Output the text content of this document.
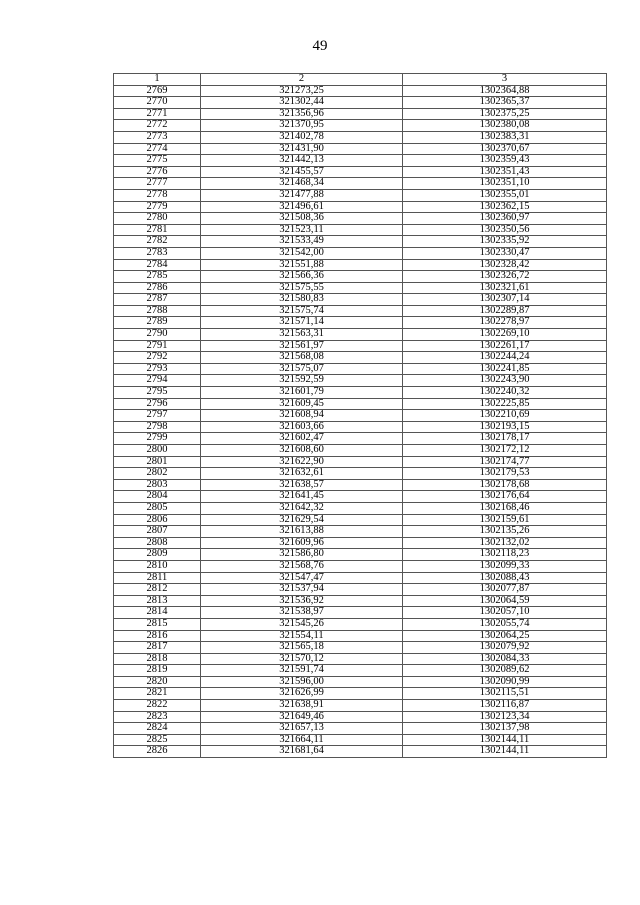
49
1	2	3
2769	321273,25	1302364,88
2770	321302,44	1302365,37
2771	321356,96	1302375,25
2772	321370,95	1302380,08
2773	321402,78	1302383,31
2774	321431,90	1302370,67
2775	321442,13	1302359,43
2776	321455,57	1302351,43
2777	321468,34	1302351,10
2778	321477,88	1302355,01
2779	321496,61	1302362,15
2780	321508,36	1302360,97
2781	321523,11	1302350,56
2782	321533,49	1302335,92
2783	321542,00	1302330,47
2784	321551,88	1302328,42
2785	321566,36	1302326,72
2786	321575,55	1302321,61
2787	321580,83	1302307,14
2788	321575,74	1302289,87
2789	321571,14	1302278,97
2790	321563,31	1302269,10
2791	321561,97	1302261,17
2792	321568,08	1302244,24
2793	321575,07	1302241,85
2794	321592,59	1302243,90
2795	321601,79	1302240,32
2796	321609,45	1302225,85
2797	321608,94	1302210,69
2798	321603,66	1302193,15
2799	321602,47	1302178,17
2800	321608,60	1302172,12
2801	321622,90	1302174,77
2802	321632,61	1302179,53
2803	321638,57	1302178,68
2804	321641,45	1302176,64
2805	321642,32	1302168,46
2806	321629,54	1302159,61
2807	321613,88	1302135,26
2808	321609,96	1302132,02
2809	321586,80	1302118,23
2810	321568,76	1302099,33
2811	321547,47	1302088,43
2812	321537,94	1302077,87
2813	321536,92	1302064,59
2814	321538,97	1302057,10
2815	321545,26	1302055,74
2816	321554,11	1302064,25
2817	321565,18	1302079,92
2818	321570,12	1302084,33
2819	321591,74	1302089,62
2820	321596,00	1302090,99
2821	321626,99	1302115,51
2822	321638,91	1302116,87
2823	321649,46	1302123,34
2824	321657,13	1302137,98
2825	321664,11	1302144,11
2826	321681,64	1302144,11
